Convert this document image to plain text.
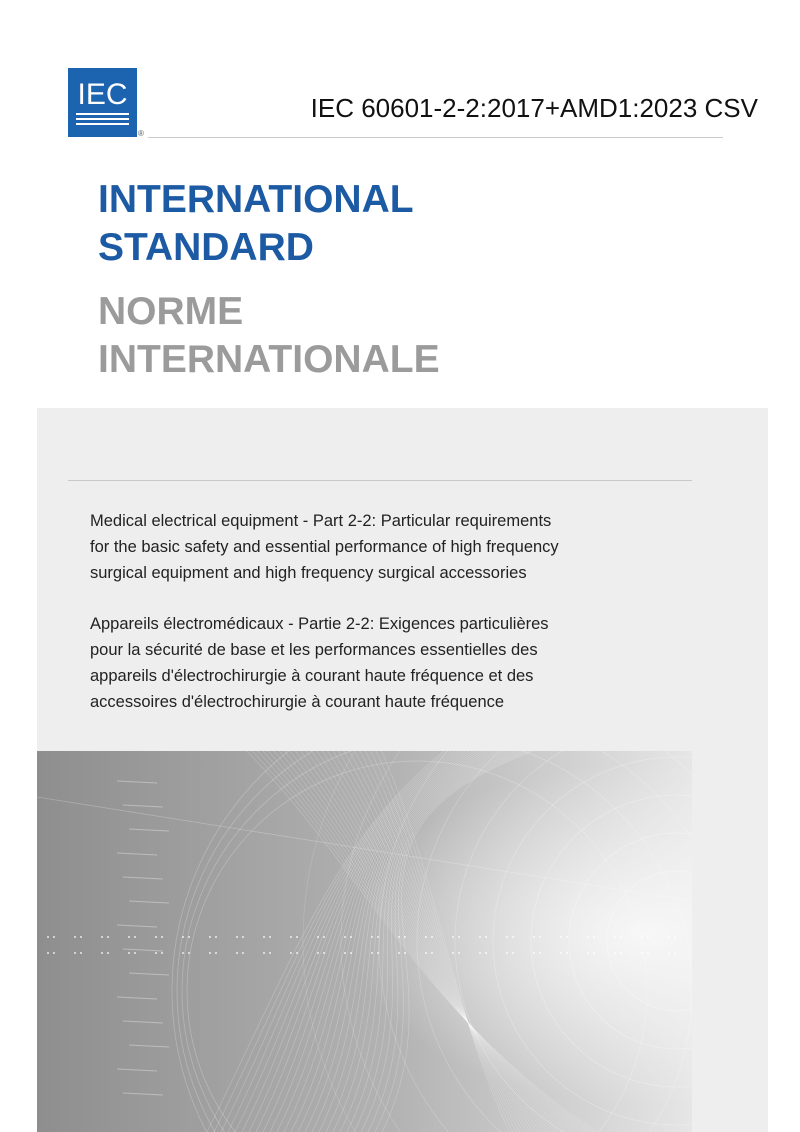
IEC
®
IEC 60601-2-2:2017+AMD1:2023 CSV
INTERNATIONAL
STANDARD
NORME
INTERNATIONALE

Medical electrical equipment - Part 2-2: Particular requirements
for the basic safety and essential performance of high frequency
surgical equipment and high frequency surgical accessories

Appareils électromédicaux - Partie 2-2: Exigences particulières
pour la sécurité de base et les performances essentielles des
appareils d'électrochirurgie à courant haute fréquence et des
accessoires d'électrochirurgie à courant haute fréquence
